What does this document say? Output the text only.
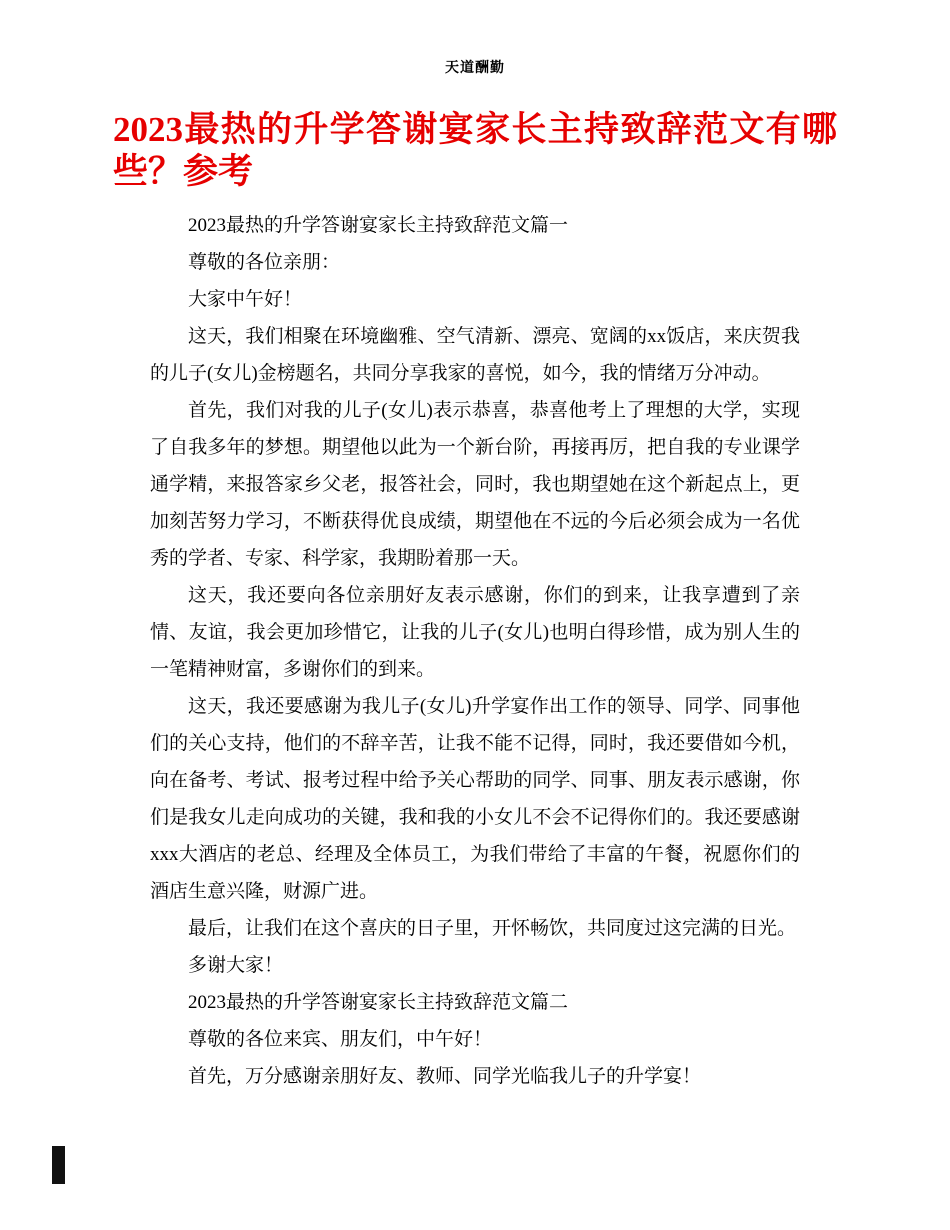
天道酬勤
2023最热的升学答谢宴家长主持致辞范文有哪些？参考

2023最热的升学答谢宴家长主持致辞范文篇一

尊敬的各位亲朋：

大家中午好！

这天，我们相聚在环境幽雅、空气清新、漂亮、宽阔的xx饭店，来庆贺我的儿子(女儿)金榜题名，共同分享我家的喜悦，如今，我的情绪万分冲动。

首先，我们对我的儿子(女儿)表示恭喜，恭喜他考上了理想的大学，实现了自我多年的梦想。期望他以此为一个新台阶，再接再厉，把自我的专业课学通学精，来报答家乡父老，报答社会，同时，我也期望她在这个新起点上，更加刻苦努力学习，不断获得优良成绩，期望他在不远的今后必须会成为一名优秀的学者、专家、科学家，我期盼着那一天。

这天，我还要向各位亲朋好友表示感谢，你们的到来，让我享遭到了亲情、友谊，我会更加珍惜它，让我的儿子(女儿)也明白得珍惜，成为别人生的一笔精神财富，多谢你们的到来。

这天，我还要感谢为我儿子(女儿)升学宴作出工作的领导、同学、同事他们的关心支持，他们的不辞辛苦，让我不能不记得，同时，我还要借如今机，向在备考、考试、报考过程中给予关心帮助的同学、同事、朋友表示感谢，你们是我女儿走向成功的关键，我和我的小女儿不会不记得你们的。我还要感谢xxx大酒店的老总、经理及全体员工，为我们带给了丰富的午餐，祝愿你们的酒店生意兴隆，财源广进。

最后，让我们在这个喜庆的日子里，开怀畅饮，共同度过这完满的日光。

多谢大家！

2023最热的升学答谢宴家长主持致辞范文篇二

尊敬的各位来宾、朋友们，中午好！

首先，万分感谢亲朋好友、教师、同学光临我儿子的升学宴！
